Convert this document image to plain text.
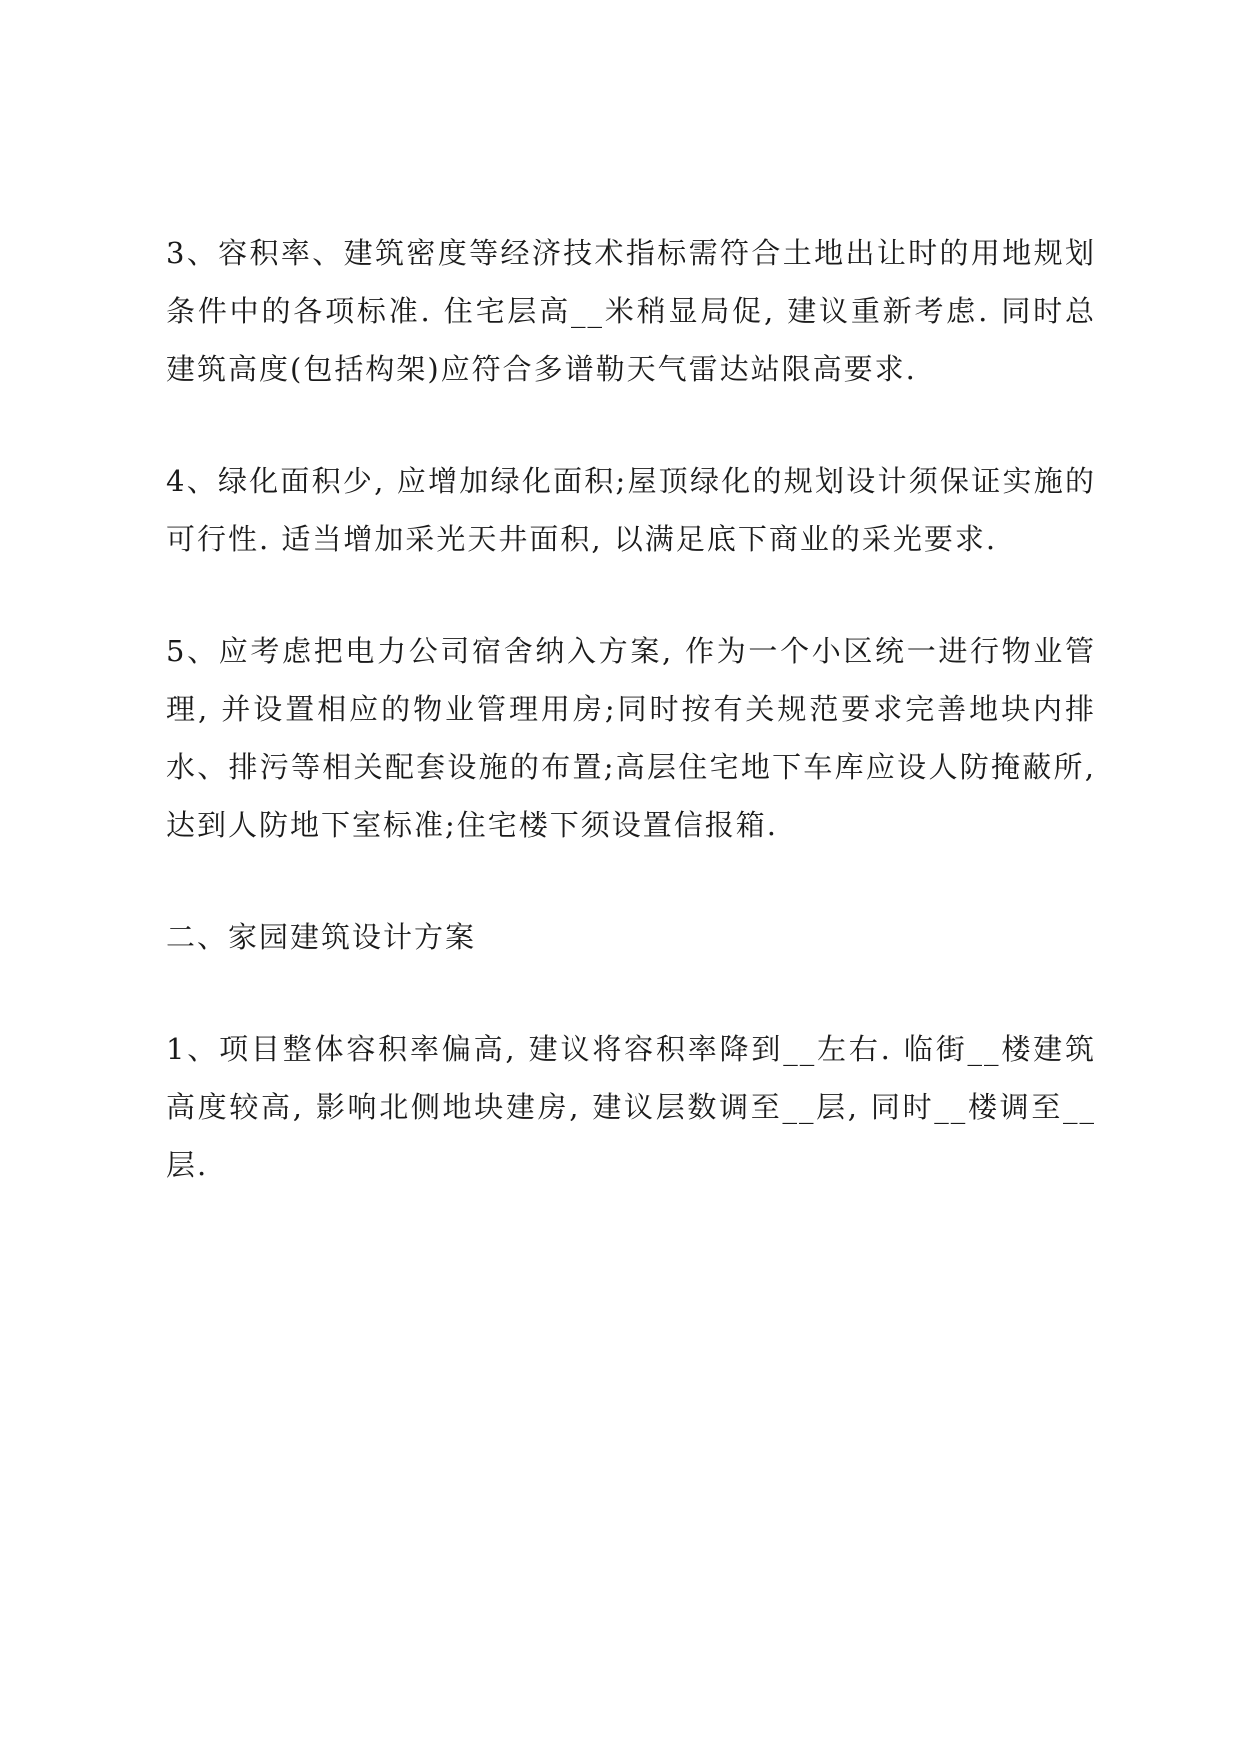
3、容积率、建筑密度等经济技术指标需符合土地出让时的用地规划条件中的各项标准. 住宅层高__米稍显局促, 建议重新考虑. 同时总建筑高度(包括构架)应符合多谱勒天气雷达站限高要求.

4、绿化面积少, 应增加绿化面积;屋顶绿化的规划设计须保证实施的可行性. 适当增加采光天井面积, 以满足底下商业的采光要求.

5、应考虑把电力公司宿舍纳入方案, 作为一个小区统一进行物业管理, 并设置相应的物业管理用房;同时按有关规范要求完善地块内排水、排污等相关配套设施的布置;高层住宅地下车库应设人防掩蔽所, 达到人防地下室标准;住宅楼下须设置信报箱.

二、家园建筑设计方案

1、项目整体容积率偏高, 建议将容积率降到__左右. 临街__楼建筑高度较高, 影响北侧地块建房, 建议层数调至__层, 同时__楼调至__层.
